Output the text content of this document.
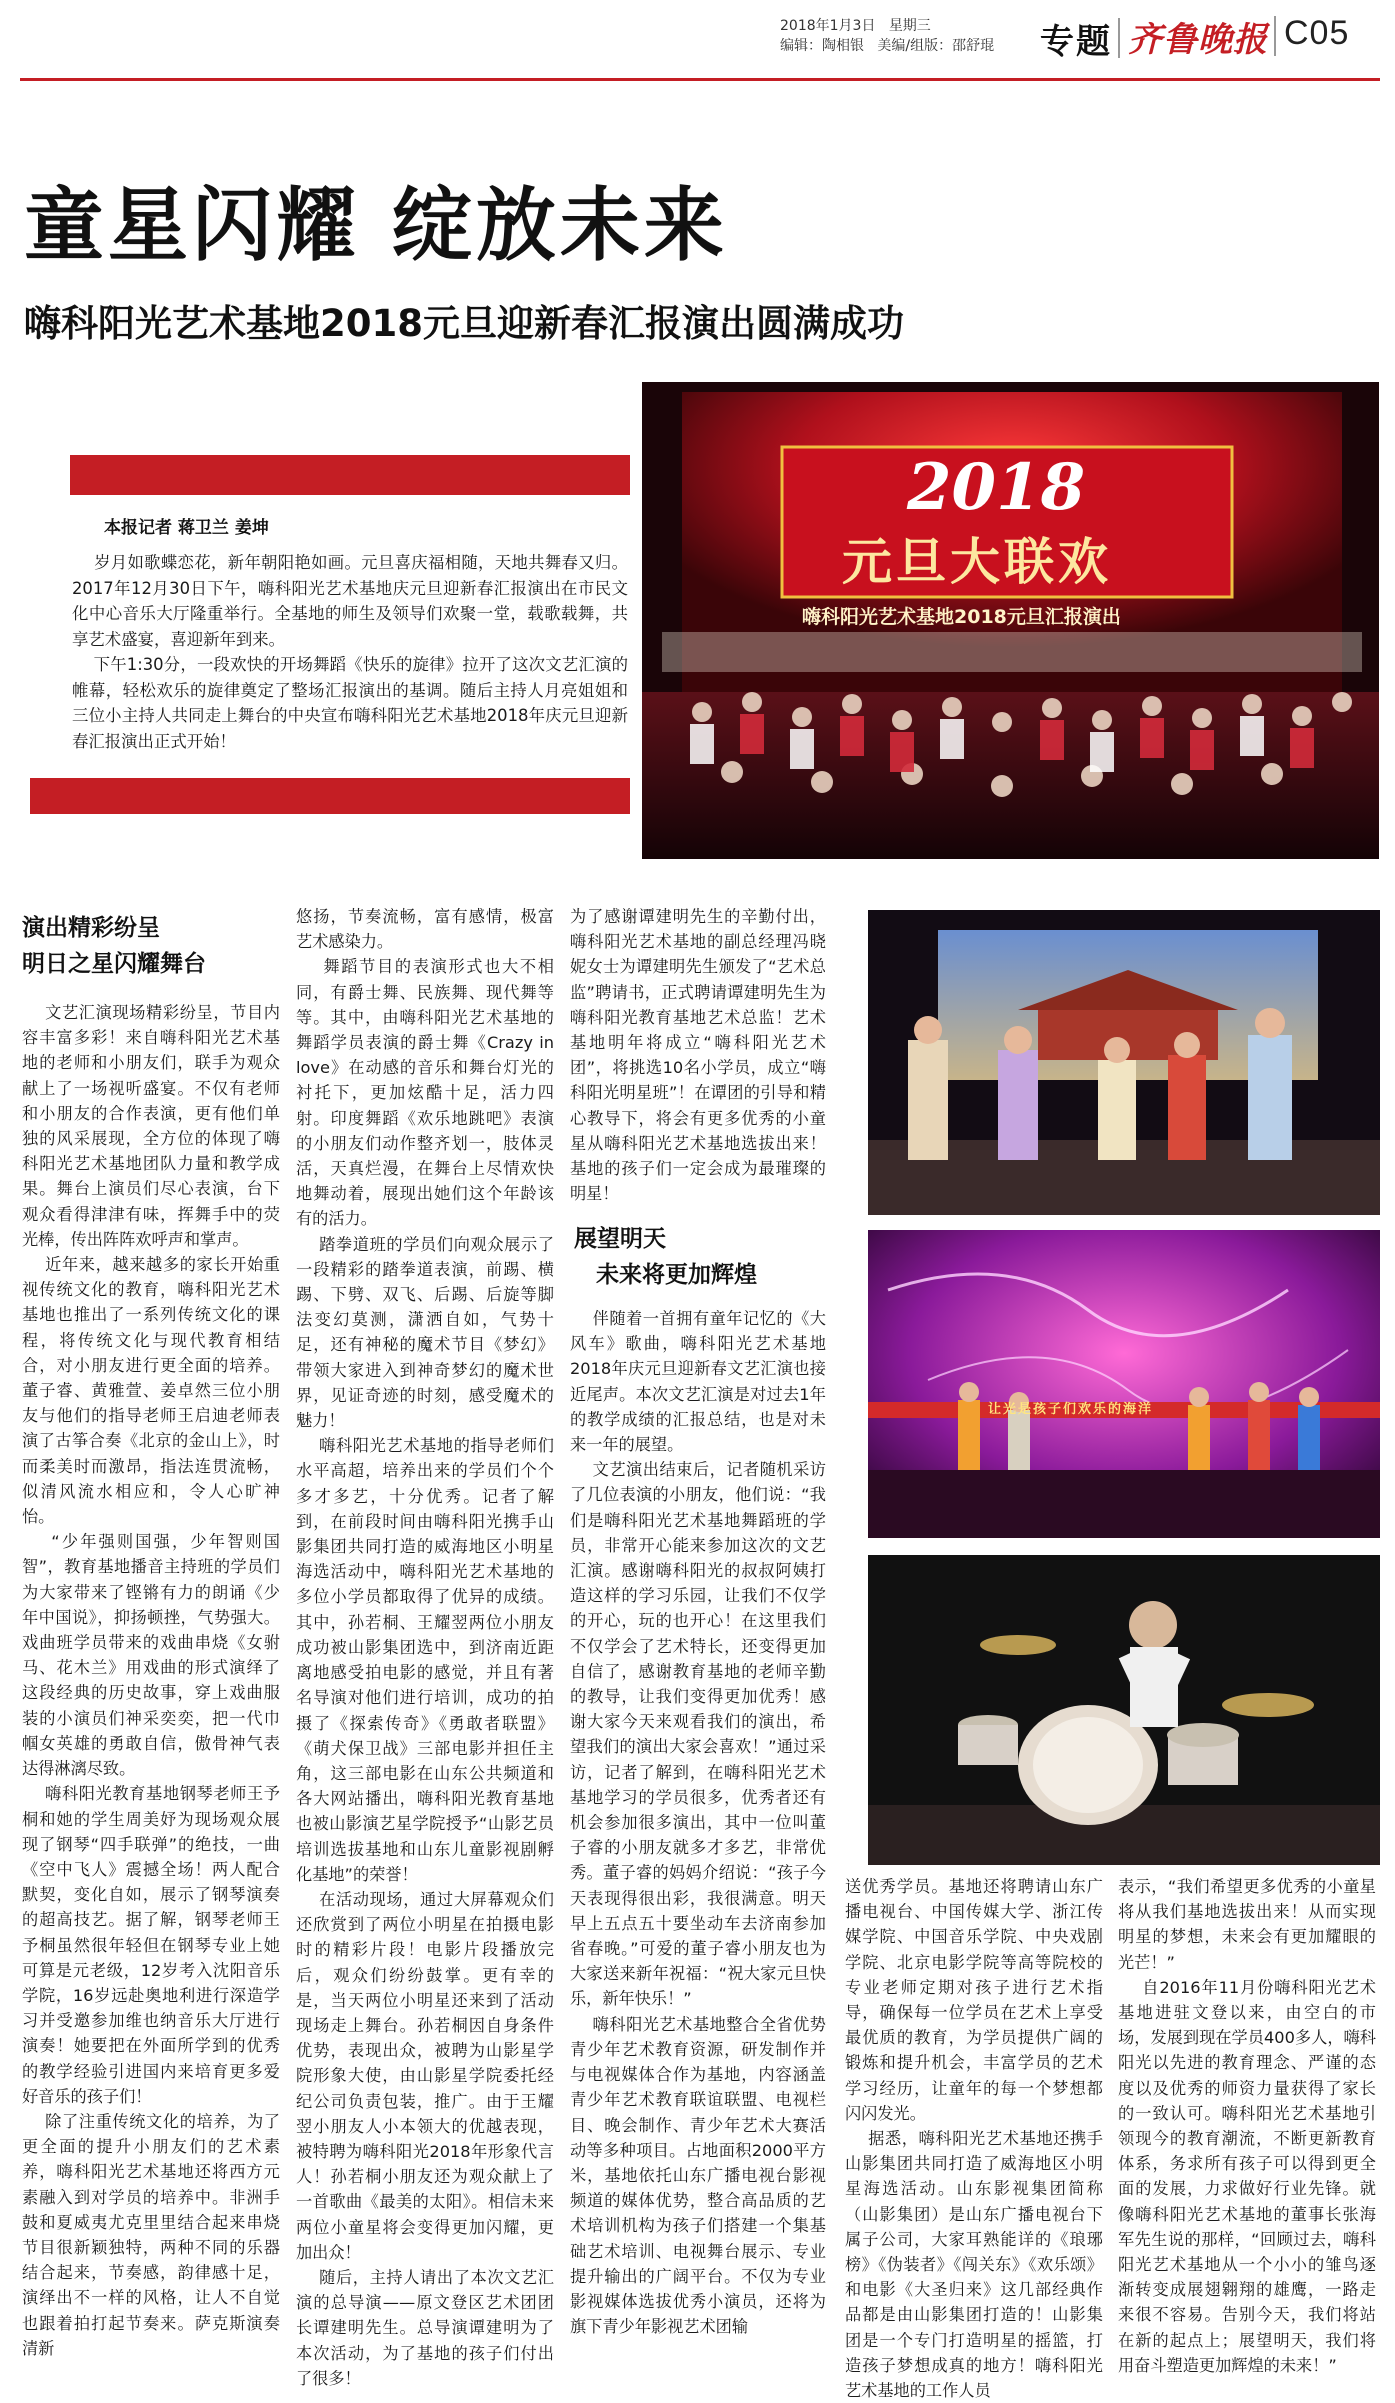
2018年1月3日 星期三
编辑：陶相银 美编/组版：邵舒琨	专题 齐鲁晚报 C05
童星闪耀 绽放未来
嗨科阳光艺术基地2018元旦迎新春汇报演出圆满成功
本报记者 蒋卫兰 姜坤

岁月如歌蝶恋花，新年朝阳艳如画。元旦喜庆福相随，天地共舞春又归。2017年12月30日下午，嗨科阳光艺术基地庆元旦迎新春汇报演出在市民文化中心音乐大厅隆重举行。全基地的师生及领导们欢聚一堂，载歌载舞，共享艺术盛宴，喜迎新年到来。
下午1:30分，一段欢快的开场舞蹈《快乐的旋律》拉开了这次文艺汇演的帷幕，轻松欢乐的旋律奠定了整场汇报演出的基调。随后主持人月亮姐姐和三位小主持人共同走上舞台的中央宣布嗨科阳光艺术基地2018年庆元旦迎新春汇报演出正式开始！

2018
元旦大联欢
嗨科阳光艺术基地2018元旦汇报演出
演出精彩纷呈
明日之星闪耀舞台

文艺汇演现场精彩纷呈，节目内容丰富多彩！来自嗨科阳光艺术基地的老师和小朋友们，联手为观众献上了一场视听盛宴。不仅有老师和小朋友的合作表演，更有他们单独的风采展现，全方位的体现了嗨科阳光艺术基地团队力量和教学成果。舞台上演员们尽心表演，台下观众看得津津有味，挥舞手中的荧光棒，传出阵阵欢呼声和掌声。
近年来，越来越多的家长开始重视传统文化的教育，嗨科阳光艺术基地也推出了一系列传统文化的课程，将传统文化与现代教育相结合，对小朋友进行更全面的培养。董子睿、黄雅萱、姜卓然三位小朋友与他们的指导老师王启迪老师表演了古筝合奏《北京的金山上》，时而柔美时而激昂，指法连贯流畅，似清风流水相应和，令人心旷神怡。
“少年强则国强，少年智则国智”，教育基地播音主持班的学员们为大家带来了铿锵有力的朗诵《少年中国说》，抑扬顿挫，气势强大。戏曲班学员带来的戏曲串烧《女驸马、花木兰》用戏曲的形式演绎了这段经典的历史故事，穿上戏曲服装的小演员们神采奕奕，把一代巾帼女英雄的勇敢自信，傲骨神气表达得淋漓尽致。
嗨科阳光教育基地钢琴老师王予桐和她的学生周美妤为现场观众展现了钢琴“四手联弹”的绝技，一曲《空中飞人》震撼全场！两人配合默契，变化自如，展示了钢琴演奏的超高技艺。据了解，钢琴老师王予桐虽然很年轻但在钢琴专业上她可算是元老级，12岁考入沈阳音乐学院，16岁远赴奥地利进行深造学习并受邀参加维也纳音乐大厅进行演奏！她要把在外面所学到的优秀的教学经验引进国内来培育更多爱好音乐的孩子们！
除了注重传统文化的培养，为了更全面的提升小朋友们的艺术素养，嗨科阳光艺术基地还将西方元素融入到对学员的培养中。非洲手鼓和夏威夷尤克里里结合起来串烧节目很新颖独特，两种不同的乐器结合起来，节奏感，韵律感十足，演绎出不一样的风格，让人不自觉也跟着拍打起节奏来。萨克斯演奏清新

悠扬，节奏流畅，富有感情，极富艺术感染力。
舞蹈节目的表演形式也大不相同，有爵士舞、民族舞、现代舞等等。其中，由嗨科阳光艺术基地的舞蹈学员表演的爵士舞《Crazy in love》在动感的音乐和舞台灯光的衬托下，更加炫酷十足，活力四射。印度舞蹈《欢乐地跳吧》表演的小朋友们动作整齐划一，肢体灵活，天真烂漫，在舞台上尽情欢快地舞动着，展现出她们这个年龄该有的活力。
踏拳道班的学员们向观众展示了一段精彩的踏拳道表演，前踢、横踢、下劈、双飞、后踢、后旋等脚法变幻莫测，潇洒自如，气势十足，还有神秘的魔术节目《梦幻》带领大家进入到神奇梦幻的魔术世界，见证奇迹的时刻，感受魔术的魅力！
嗨科阳光艺术基地的指导老师们水平高超，培养出来的学员们个个多才多艺，十分优秀。记者了解到，在前段时间由嗨科阳光携手山影集团共同打造的威海地区小明星海选活动中，嗨科阳光艺术基地的多位小学员都取得了优异的成绩。其中，孙若桐、王耀翌两位小朋友成功被山影集团选中，到济南近距离地感受拍电影的感觉，并且有著名导演对他们进行培训，成功的拍摄了《探索传奇》《勇敢者联盟》《萌犬保卫战》三部电影并担任主角，这三部电影在山东公共频道和各大网站播出，嗨科阳光教育基地也被山影演艺星学院授予“山影艺员培训选拔基地和山东儿童影视剧孵化基地”的荣誉！
在活动现场，通过大屏幕观众们还欣赏到了两位小明星在拍摄电影时的精彩片段！电影片段播放完后，观众们纷纷鼓掌。更有幸的是，当天两位小明星还来到了活动现场走上舞台。孙若桐因自身条件优势，表现出众，被聘为山影星学院形象大使，由山影星学院委托经纪公司负责包装，推广。由于王耀翌小朋友人小本领大的优越表现，被特聘为嗨科阳光2018年形象代言人！孙若桐小朋友还为观众献上了一首歌曲《最美的太阳》。相信未来两位小童星将会变得更加闪耀，更加出众！
随后，主持人请出了本次文艺汇演的总导演——原文登区艺术团团长谭建明先生。总导演谭建明为了本次活动，为了基地的孩子们付出了很多！

为了感谢谭建明先生的辛勤付出，嗨科阳光艺术基地的副总经理冯晓妮女士为谭建明先生颁发了“艺术总监”聘请书，正式聘请谭建明先生为嗨科阳光教育基地艺术总监！艺术基地明年将成立“嗨科阳光艺术团”，将挑选10名小学员，成立“嗨科阳光明星班”！在谭团的引导和精心教导下，将会有更多优秀的小童星从嗨科阳光艺术基地选拔出来！基地的孩子们一定会成为最璀璨的明星！

展望明天
未来将更加辉煌

伴随着一首拥有童年记忆的《大风车》歌曲，嗨科阳光艺术基地2018年庆元旦迎新春文艺汇演也接近尾声。本次文艺汇演是对过去1年的教学成绩的汇报总结，也是对未来一年的展望。
文艺演出结束后，记者随机采访了几位表演的小朋友，他们说：“我们是嗨科阳光艺术基地舞蹈班的学员，非常开心能来参加这次的文艺汇演。感谢嗨科阳光的叔叔阿姨打造这样的学习乐园，让我们不仅学的开心，玩的也开心！在这里我们不仅学会了艺术特长，还变得更加自信了，感谢教育基地的老师辛勤的教导，让我们变得更加优秀！感谢大家今天来观看我们的演出，希望我们的演出大家会喜欢！”通过采访，记者了解到，在嗨科阳光艺术基地学习的学员很多，优秀者还有机会参加很多演出，其中一位叫董子睿的小朋友就多才多艺，非常优秀。董子睿的妈妈介绍说：“孩子今天表现得很出彩，我很满意。明天早上五点五十要坐动车去济南参加省春晚。”可爱的董子睿小朋友也为大家送来新年祝福：“祝大家元旦快乐，新年快乐！”
嗨科阳光艺术基地整合全省优势青少年艺术教育资源，研发制作并与电视媒体合作为基地，内容涵盖青少年艺术教育联谊联盟、电视栏目、晚会制作、青少年艺术大赛活动等多种项目。占地面积2000平方米，基地依托山东广播电视台影视频道的媒体优势，整合高品质的艺术培训机构为孩子们搭建一个集基础艺术培训、电视舞台展示、专业提升输出的广阔平台。不仅为专业影视媒体选拔优秀小演员，还将为旗下青少年影视艺术团输

让光是孩子们欢乐的海洋

送优秀学员。基地还将聘请山东广播电视台、中国传媒大学、浙江传媒学院、中国音乐学院、中央戏剧学院、北京电影学院等高等院校的专业老师定期对孩子进行艺术指导，确保每一位学员在艺术上享受最优质的教育，为学员提供广阔的锻炼和提升机会，丰富学员的艺术学习经历，让童年的每一个梦想都闪闪发光。
据悉，嗨科阳光艺术基地还携手山影集团共同打造了威海地区小明星海选活动。山东影视集团简称（山影集团）是山东广播电视台下属子公司，大家耳熟能详的《琅琊榜》《伪装者》《闯关东》《欢乐颂》和电影《大圣归来》这几部经典作品都是由山影集团打造的！山影集团是一个专门打造明星的摇篮，打造孩子梦想成真的地方！嗨科阳光艺术基地的工作人员

表示，“我们希望更多优秀的小童星将从我们基地选拔出来！从而实现明星的梦想，未来会有更加耀眼的光芒！”
自2016年11月份嗨科阳光艺术基地进驻文登以来，由空白的市场，发展到现在学员400多人，嗨科阳光以先进的教育理念、严谨的态度以及优秀的师资力量获得了家长的一致认可。嗨科阳光艺术基地引领现今的教育潮流，不断更新教育体系，务求所有孩子可以得到更全面的发展，力求做好行业先锋。就像嗨科阳光艺术基地的董事长张海军先生说的那样，“回顾过去，嗨科阳光艺术基地从一个小小的雏鸟逐渐转变成展翅翱翔的雄鹰，一路走来很不容易。告别今天，我们将站在新的起点上；展望明天，我们将用奋斗塑造更加辉煌的未来！”
